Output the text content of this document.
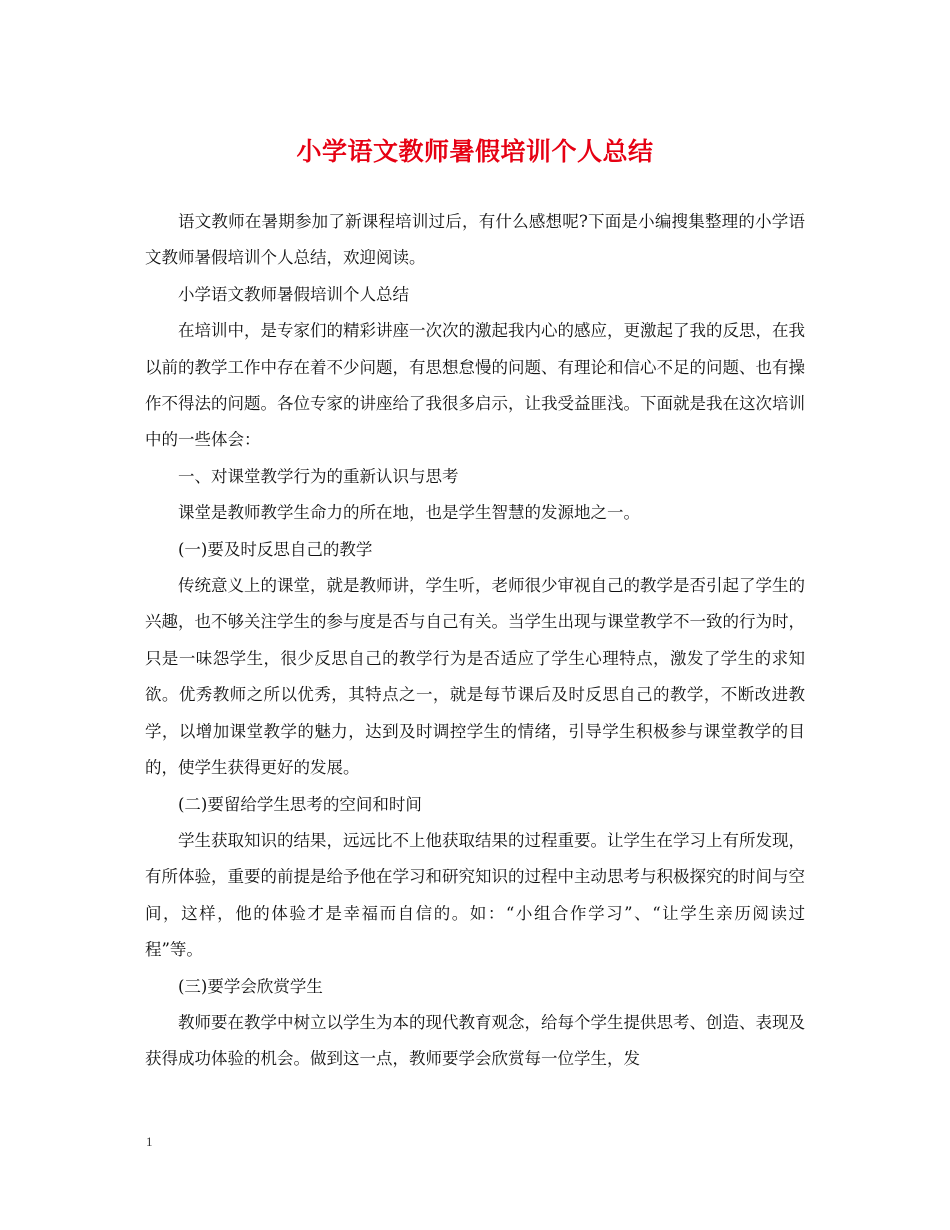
小学语文教师暑假培训个人总结

语文教师在暑期参加了新课程培训过后，有什么感想呢?下面是小编搜集整理的小学语文教师暑假培训个人总结，欢迎阅读。

小学语文教师暑假培训个人总结

在培训中，是专家们的精彩讲座一次次的激起我内心的感应，更激起了我的反思，在我以前的教学工作中存在着不少问题，有思想怠慢的问题、有理论和信心不足的问题、也有操作不得法的问题。各位专家的讲座给了我很多启示，让我受益匪浅。下面就是我在这次培训中的一些体会：

一、对课堂教学行为的重新认识与思考

课堂是教师教学生命力的所在地，也是学生智慧的发源地之一。

(一)要及时反思自己的教学

传统意义上的课堂，就是教师讲，学生听，老师很少审视自己的教学是否引起了学生的兴趣，也不够关注学生的参与度是否与自己有关。当学生出现与课堂教学不一致的行为时，只是一味怨学生，很少反思自己的教学行为是否适应了学生心理特点，激发了学生的求知欲。优秀教师之所以优秀，其特点之一，就是每节课后及时反思自己的教学，不断改进教学，以增加课堂教学的魅力，达到及时调控学生的情绪，引导学生积极参与课堂教学的目的，使学生获得更好的发展。

(二)要留给学生思考的空间和时间

学生获取知识的结果，远远比不上他获取结果的过程重要。让学生在学习上有所发现，有所体验，重要的前提是给予他在学习和研究知识的过程中主动思考与积极探究的时间与空间，这样，他的体验才是幸福而自信的。如：“小组合作学习”、“让学生亲历阅读过程”等。

(三)要学会欣赏学生

教师要在教学中树立以学生为本的现代教育观念，给每个学生提供思考、创造、表现及获得成功体验的机会。做到这一点，教师要学会欣赏每一位学生，发

1
